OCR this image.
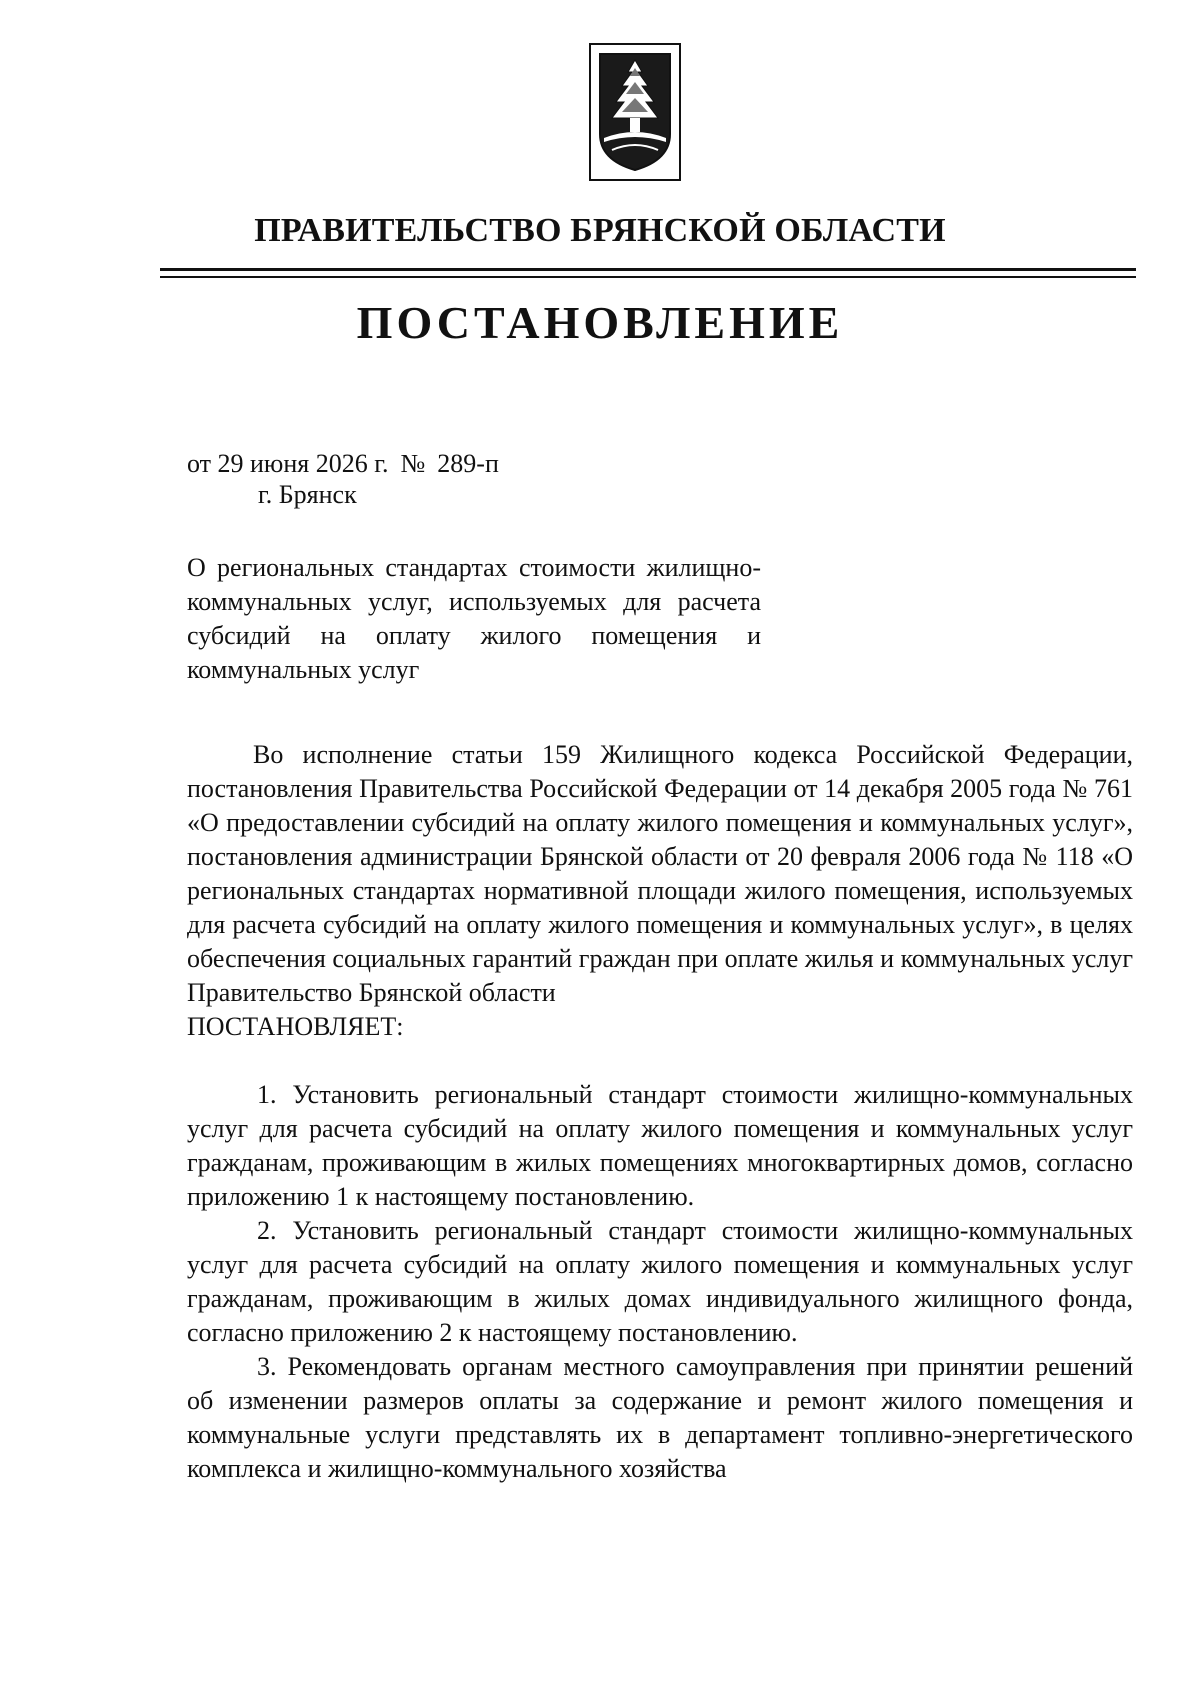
ПРАВИТЕЛЬСТВО БРЯНСКОЙ ОБЛАСТИ
ПОСТАНОВЛЕНИЕ
от 29 июня 2026 г. № 289-п
г. Брянск
О региональных стандартах стоимости жилищно-коммунальных услуг, используемых для расчета субсидий на оплату жилого помещения и коммунальных услуг

Во исполнение статьи 159 Жилищного кодекса Российской Федерации, постановления Правительства Российской Федерации от 14 декабря 2005 года № 761 «О предоставлении субсидий на оплату жилого помещения и коммунальных услуг», постановления администрации Брянской области от 20 февраля 2006 года № 118 «О региональных стандартах нормативной площади жилого помещения, используемых для расчета субсидий на оплату жилого помещения и коммунальных услуг», в целях обеспечения социальных гарантий граждан при оплате жилья и коммунальных услуг Правительство Брянской области

ПОСТАНОВЛЯЕТ:

1. Установить региональный стандарт стоимости жилищно-коммунальных услуг для расчета субсидий на оплату жилого помещения и коммунальных услуг гражданам, проживающим в жилых помещениях многоквартирных домов, согласно приложению 1 к настоящему постановлению.

2. Установить региональный стандарт стоимости жилищно-коммунальных услуг для расчета субсидий на оплату жилого помещения и коммунальных услуг гражданам, проживающим в жилых домах индивидуального жилищного фонда, согласно приложению 2 к настоящему постановлению.

3. Рекомендовать органам местного самоуправления при принятии решений об изменении размеров оплаты за содержание и ремонт жилого помещения и коммунальные услуги представлять их в департамент топливно-энергетического комплекса и жилищно-коммунального хозяйства
